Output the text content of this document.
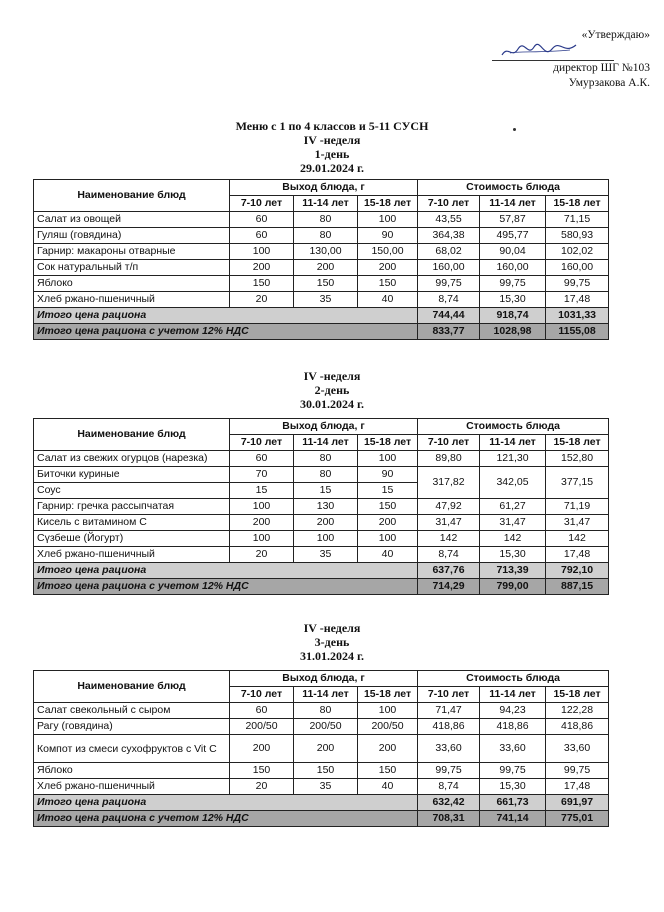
«Утверждаю»
директор ШГ №103
Умурзакова А.К.
Меню с 1 по 4 классов и 5-11 СУСН
IV -неделя
1-день
29.01.2024 г.
Наименование блюд	Выход блюда, г			Стоимость блюда		
	7-10 лет	11-14 лет	15-18 лет	7-10 лет	11-14 лет	15-18 лет
Салат из овощей	60	80	100	43,55	57,87	71,15
Гуляш (говядина)	60	80	90	364,38	495,77	580,93
Гарнир: макароны отварные	100	130,00	150,00	68,02	90,04	102,02
Сок натуральный т/п	200	200	200	160,00	160,00	160,00
Яблоко	150	150	150	99,75	99,75	99,75
Хлеб ржано-пшеничный	20	35	40	8,74	15,30	17,48
Итого цена рациона				744,44	918,74	1031,33
Итого цена рациона с учетом 12% НДС				833,77	1028,98	1155,08
IV -неделя
2-день
30.01.2024 г.
Наименование блюд	Выход блюда, г			Стоимость блюда		
	7-10 лет	11-14 лет	15-18 лет	7-10 лет	11-14 лет	15-18 лет
Салат из свежих огурцов (нарезка)	60	80	100	89,80	121,30	152,80
Биточки куриные	70	80	90	317,82	342,05	377,15
Соус	15	15	15			
Гарнир: гречка рассыпчатая	100	130	150	47,92	61,27	71,19
Кисель с витамином С	200	200	200	31,47	31,47	31,47
Сүзбеше (Йогурт)	100	100	100	142	142	142
Хлеб ржано-пшеничный	20	35	40	8,74	15,30	17,48
Итого цена рациона				637,76	713,39	792,10
Итого цена рациона с учетом 12% НДС				714,29	799,00	887,15
IV -неделя
3-день
31.01.2024 г.
Наименование блюд	Выход блюда, г			Стоимость блюда		
	7-10 лет	11-14 лет	15-18 лет	7-10 лет	11-14 лет	15-18 лет
Салат свекольный с сыром	60	80	100	71,47	94,23	122,28
Рагу (говядина)	200/50	200/50	200/50	418,86	418,86	418,86
Компот из смеси сухофруктов с Vit C	200	200	200	33,60	33,60	33,60
Яблоко	150	150	150	99,75	99,75	99,75
Хлеб ржано-пшеничный	20	35	40	8,74	15,30	17,48
Итого цена рациона				632,42	661,73	691,97
Итого цена рациона с учетом 12% НДС				708,31	741,14	775,01
